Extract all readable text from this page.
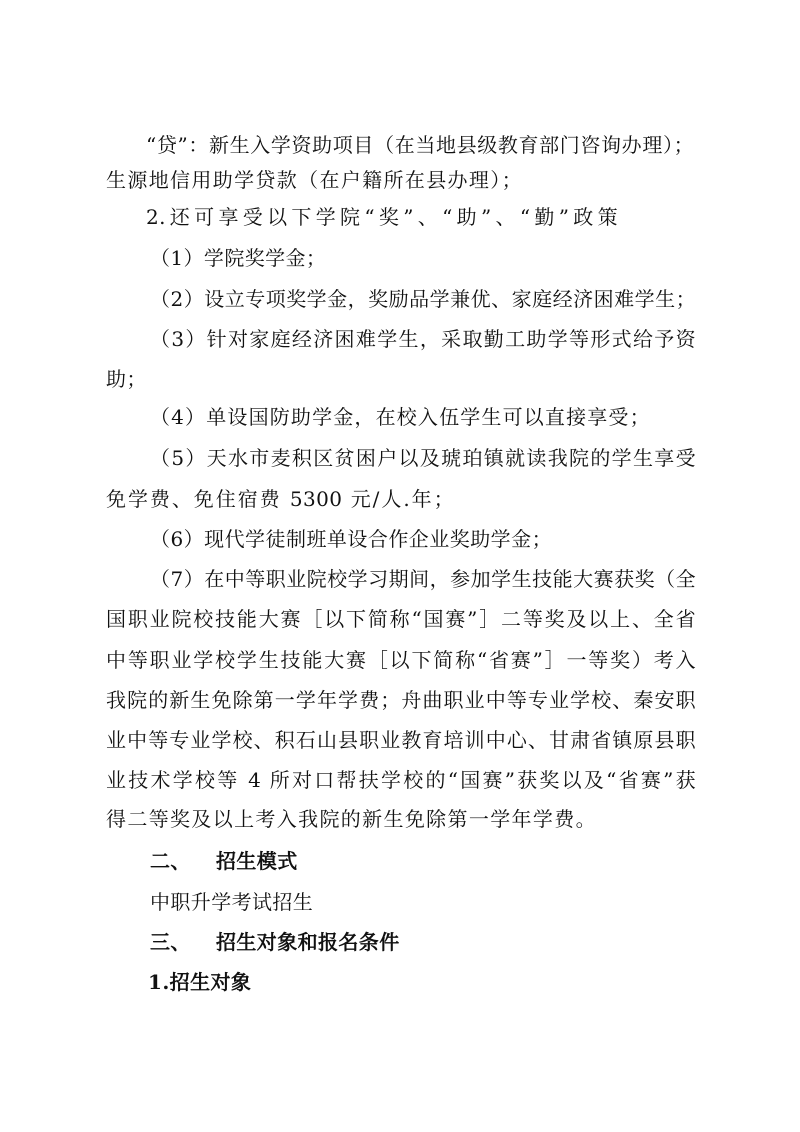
“贷”：新生入学资助项目（在当地县级教育部门咨询办理）；
生源地信用助学贷款（在户籍所在县办理）；
2.还可享受以下学院“奖”、“助”、“勤”政策
（1）学院奖学金；
（2）设立专项奖学金，奖励品学兼优、家庭经济困难学生；
（3）针对家庭经济困难学生，采取勤工助学等形式给予资
助；
（4）单设国防助学金，在校入伍学生可以直接享受；
（5）天水市麦积区贫困户以及琥珀镇就读我院的学生享受
免学费、免住宿费 5300 元/人.年；
（6）现代学徒制班单设合作企业奖助学金；
（7）在中等职业院校学习期间，参加学生技能大赛获奖（全
国职业院校技能大赛［以下简称“国赛”］二等奖及以上、全省
中等职业学校学生技能大赛［以下简称“省赛”］一等奖）考入
我院的新生免除第一学年学费；舟曲职业中等专业学校、秦安职
业中等专业学校、积石山县职业教育培训中心、甘肃省镇原县职
业技术学校等 4 所对口帮扶学校的“国赛”获奖以及“省赛”获
得二等奖及以上考入我院的新生免除第一学年学费。
二、 招生模式
中职升学考试招生
三、 招生对象和报名条件
1.招生对象
